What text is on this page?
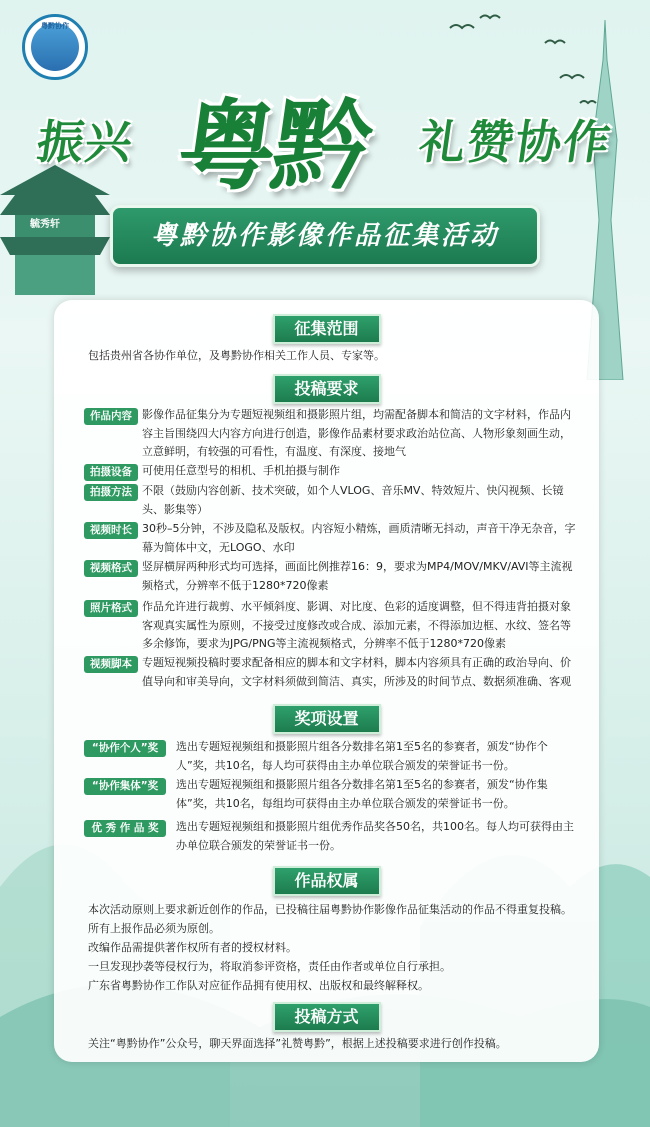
粤黔协作
毓秀轩
振兴 粤黔 礼赞协作
粤黔协作影像作品征集活动
征集范围
包括贵州省各协作单位，及粤黔协作相关工作人员、专家等。
投稿要求
作品内容 影像作品征集分为专题短视频组和摄影照片组，均需配备脚本和简洁的文字材料，作品内容主旨围绕四大内容方向进行创造，影像作品素材要求政治站位高、人物形象刻画生动，立意鲜明，有较强的可看性，有温度、有深度、接地气
拍摄设备 可使用任意型号的相机、手机拍摄与制作
拍摄方法 不限（鼓励内容创新、技术突破，如个人VLOG、音乐MV、特效短片、快闪视频、长镜头、影集等）
视频时长 30秒–5分钟，不涉及隐私及版权。内容短小精炼，画质清晰无抖动，声音干净无杂音，字幕为简体中文，无LOGO、水印
视频格式 竖屏横屏两种形式均可选择，画面比例推荐16：9，要求为MP4/MOV/MKV/AVI等主流视频格式，分辨率不低于1280*720像素
照片格式 作品允许进行裁剪、水平倾斜度、影调、对比度、色彩的适度调整，但不得违背拍摄对象客观真实属性为原则，不接受过度修改或合成、添加元素，不得添加边框、水纹、签名等多余修饰，要求为JPG/PNG等主流视频格式，分辨率不低于1280*720像素
视频脚本 专题短视频投稿时要求配备相应的脚本和文字材料，脚本内容须具有正确的政治导向、价值导向和审美导向，文字材料须做到简洁、真实，所涉及的时间节点、数据须准确、客观
奖项设置
“协作个人”奖	选出专题短视频组和摄影照片组各分数排名第1至5名的参赛者，颁发“协作个人”奖，共10名，每人均可获得由主办单位联合颁发的荣誉证书一份。
“协作集体”奖	选出专题短视频组和摄影照片组各分数排名第1至5名的参赛者，颁发“协作集体”奖，共10名，每组均可获得由主办单位联合颁发的荣誉证书一份。
优 秀 作 品 奖	选出专题短视频组和摄影照片组优秀作品奖各50名，共100名。每人均可获得由主办单位联合颁发的荣誉证书一份。
作品权属
本次活动原则上要求新近创作的作品，已投稿往届粤黔协作影像作品征集活动的作品不得重复投稿。
所有上报作品必须为原创。
改编作品需提供著作权所有者的授权材料。
一旦发现抄袭等侵权行为，将取消参评资格，责任由作者或单位自行承担。
广东省粤黔协作工作队对应征作品拥有使用权、出版权和最终解释权。
投稿方式
关注“粤黔协作”公众号，聊天界面选择”礼赞粤黔”，根据上述投稿要求进行创作投稿。
